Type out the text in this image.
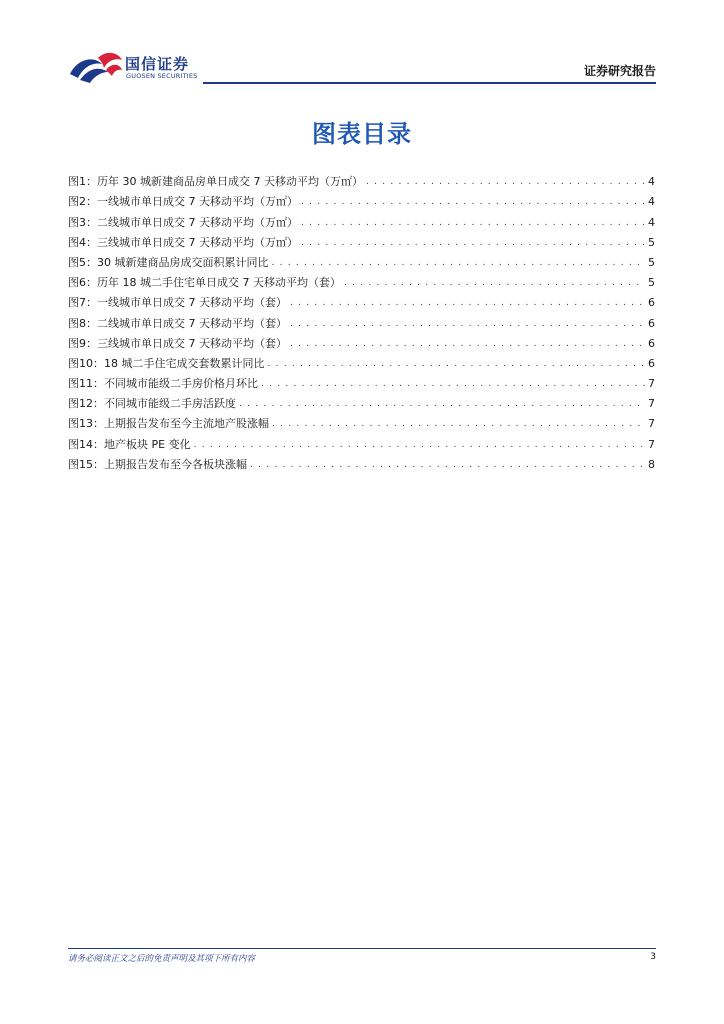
国信证券
GUOSEN SECURITIES	证券研究报告
图表目录
图1： 历年 30 城新建商品房单日成交 7 天移动平均（万㎡） . . .	4
图2： 一线城市单日成交 7 天移动平均（万㎡） . . .	4
图3： 二线城市单日成交 7 天移动平均（万㎡） . . .	4
图4： 三线城市单日成交 7 天移动平均（万㎡） . . .	5
图5： 30 城新建商品房成交面积累计同比 . . .	5
图6： 历年 18 城二手住宅单日成交 7 天移动平均（套） . . .	5
图7： 一线城市单日成交 7 天移动平均（套） . . .	6
图8： 二线城市单日成交 7 天移动平均（套） . . .	6
图9： 三线城市单日成交 7 天移动平均（套） . . .	6
图10： 18 城二手住宅成交套数累计同比 . . .	6
图11： 不同城市能级二手房价格月环比 . . .	7
图12： 不同城市能级二手房活跃度 . . .	7
图13： 上期报告发布至今主流地产股涨幅 . . .	7
图14： 地产板块 PE 变化 . . .	7
图15： 上期报告发布至今各板块涨幅 . . .	8
请务必阅读正文之后的免责声明及其项下所有内容	3
